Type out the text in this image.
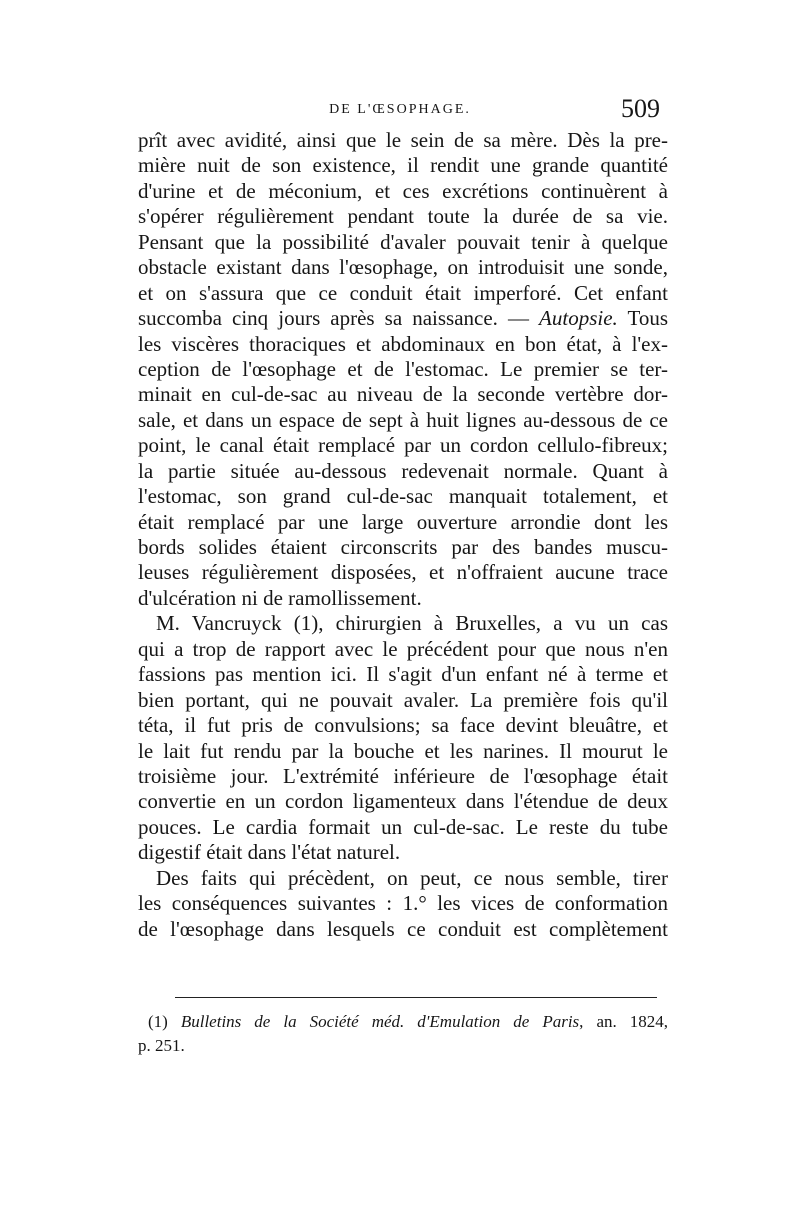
DE L'ŒSOPHAGE.	509
prît avec avidité, ainsi que le sein de sa mère. Dès la pre-
mière nuit de son existence, il rendit une grande quantité
d'urine et de méconium, et ces excrétions continuèrent à
s'opérer régulièrement pendant toute la durée de sa vie.
Pensant que la possibilité d'avaler pouvait tenir à quelque
obstacle existant dans l'œsophage, on introduisit une sonde,
et on s'assura que ce conduit était imperforé. Cet enfant
succomba cinq jours après sa naissance. — Autopsie. Tous
les viscères thoraciques et abdominaux en bon état, à l'ex-
ception de l'œsophage et de l'estomac. Le premier se ter-
minait en cul-de-sac au niveau de la seconde vertèbre dor-
sale, et dans un espace de sept à huit lignes au-dessous de ce
point, le canal était remplacé par un cordon cellulo-fibreux;
la partie située au-dessous redevenait normale. Quant à
l'estomac, son grand cul-de-sac manquait totalement, et
était remplacé par une large ouverture arrondie dont les
bords solides étaient circonscrits par des bandes muscu-
leuses régulièrement disposées, et n'offraient aucune trace
d'ulcération ni de ramollissement.
M. Vancruyck (1), chirurgien à Bruxelles, a vu un cas
qui a trop de rapport avec le précédent pour que nous n'en
fassions pas mention ici. Il s'agit d'un enfant né à terme et
bien portant, qui ne pouvait avaler. La première fois qu'il
téta, il fut pris de convulsions; sa face devint bleuâtre, et
le lait fut rendu par la bouche et les narines. Il mourut le
troisième jour. L'extrémité inférieure de l'œsophage était
convertie en un cordon ligamenteux dans l'étendue de deux
pouces. Le cardia formait un cul-de-sac. Le reste du tube
digestif était dans l'état naturel.
Des faits qui précèdent, on peut, ce nous semble, tirer
les conséquences suivantes : 1.° les vices de conformation
de l'œsophage dans lesquels ce conduit est complètement
(1) Bulletins de la Société méd. d'Emulation de Paris, an. 1824,
p. 251.
